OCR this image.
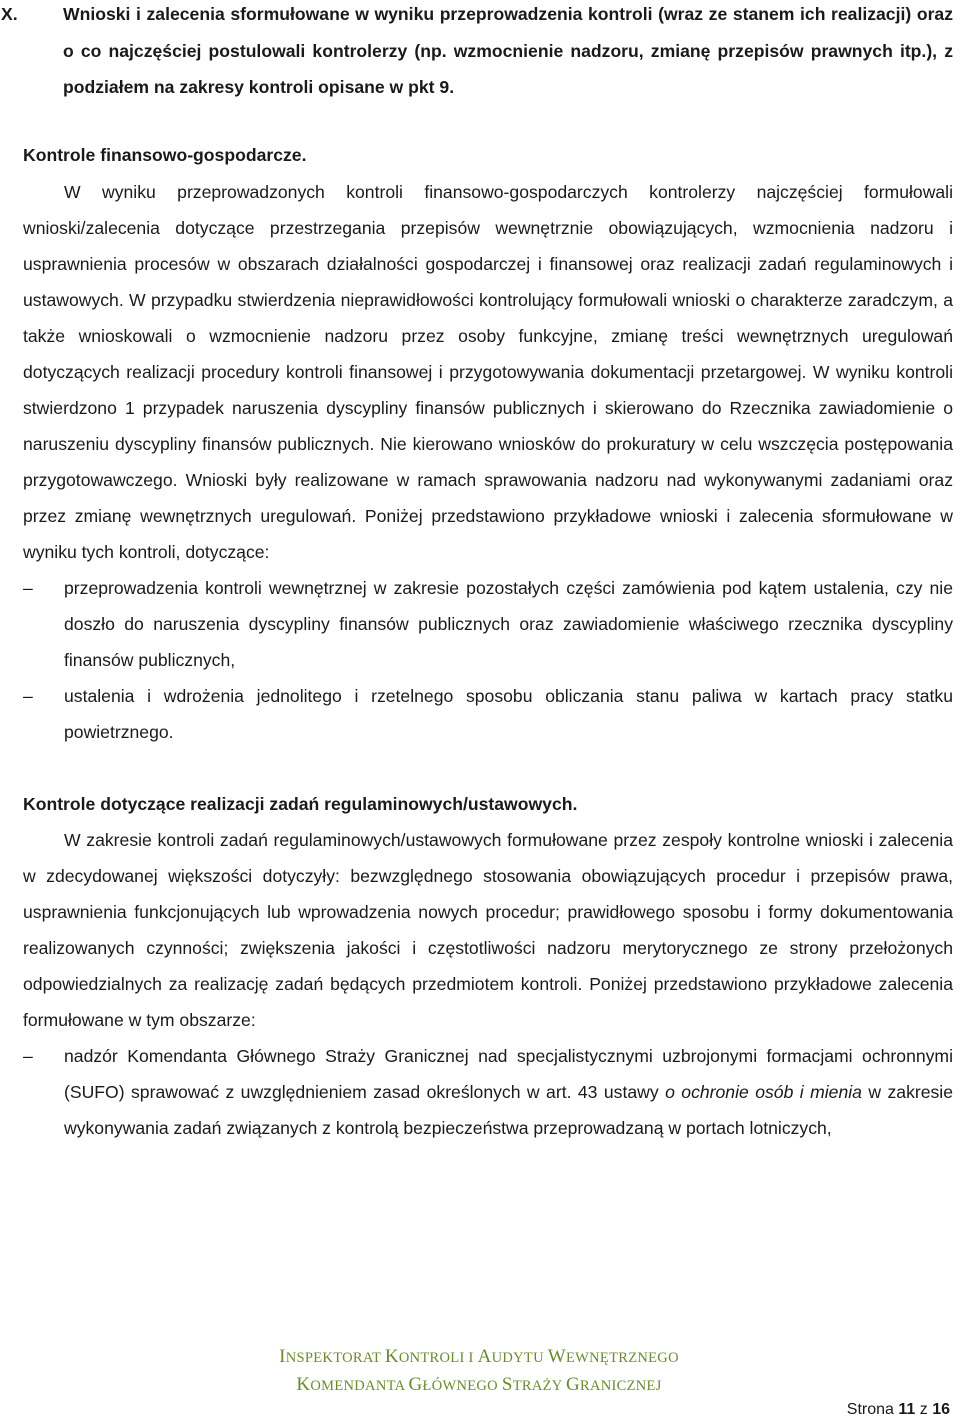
X.	Wnioski i zalecenia sformułowane w wyniku przeprowadzenia kontroli (wraz ze stanem ich realizacji) oraz o co najczęściej postulowali kontrolerzy (np. wzmocnienie nadzoru, zmianę przepisów prawnych itp.), z podziałem na zakresy kontroli opisane w pkt 9.

Kontrole finansowo-gospodarcze.

W wyniku przeprowadzonych kontroli finansowo-gospodarczych kontrolerzy najczęściej formułowali wnioski/zalecenia dotyczące przestrzegania przepisów wewnętrznie obowiązujących, wzmocnienia nadzoru i usprawnienia procesów w obszarach działalności gospodarczej i finansowej oraz realizacji zadań regulaminowych i ustawowych. W przypadku stwierdzenia nieprawidłowości kontrolujący formułowali wnioski o charakterze zaradczym, a także wnioskowali o wzmocnienie nadzoru przez osoby funkcyjne, zmianę treści wewnętrznych uregulowań dotyczących realizacji procedury kontroli finansowej i przygotowywania dokumentacji przetargowej. W wyniku kontroli stwierdzono 1 przypadek naruszenia dyscypliny finansów publicznych i skierowano do Rzecznika zawiadomienie o naruszeniu dyscypliny finansów publicznych. Nie kierowano wniosków do prokuratury w celu wszczęcia postępowania przygotowawczego. Wnioski były realizowane w ramach sprawowania nadzoru nad wykonywanymi zadaniami oraz przez zmianę wewnętrznych uregulowań. Poniżej przedstawiono przykładowe wnioski i zalecenia sformułowane w wyniku tych kontroli, dotyczące:

–	przeprowadzenia kontroli wewnętrznej w zakresie pozostałych części zamówienia pod kątem ustalenia, czy nie doszło do naruszenia dyscypliny finansów publicznych oraz zawiadomienie właściwego rzecznika dyscypliny finansów publicznych,

–	ustalenia i wdrożenia jednolitego i rzetelnego sposobu obliczania stanu paliwa w kartach pracy statku powietrznego.

Kontrole dotyczące realizacji zadań regulaminowych/ustawowych.

W zakresie kontroli zadań regulaminowych/ustawowych formułowane przez zespoły kontrolne wnioski i zalecenia w zdecydowanej większości dotyczyły: bezwzględnego stosowania obowiązujących procedur i przepisów prawa, usprawnienia funkcjonujących lub wprowadzenia nowych procedur; prawidłowego sposobu i formy dokumentowania realizowanych czynności; zwiększenia jakości i częstotliwości nadzoru merytorycznego ze strony przełożonych odpowiedzialnych za realizację zadań będących przedmiotem kontroli. Poniżej przedstawiono przykładowe zalecenia formułowane w tym obszarze:

–	nadzór Komendanta Głównego Straży Granicznej nad specjalistycznymi uzbrojonymi formacjami ochronnymi (SUFO) sprawować z uwzględnieniem zasad określonych w art. 43 ustawy o ochronie osób i mienia w zakresie wykonywania zadań związanych z kontrolą bezpieczeństwa przeprowadzaną w portach lotniczych,

INSPEKTORAT KONTROLI I AUDYTU WEWNĘTRZNEGO
KOMENDANTA GŁÓWNEGO STRAŻY GRANICZNEJ
Strona 11 z 16
